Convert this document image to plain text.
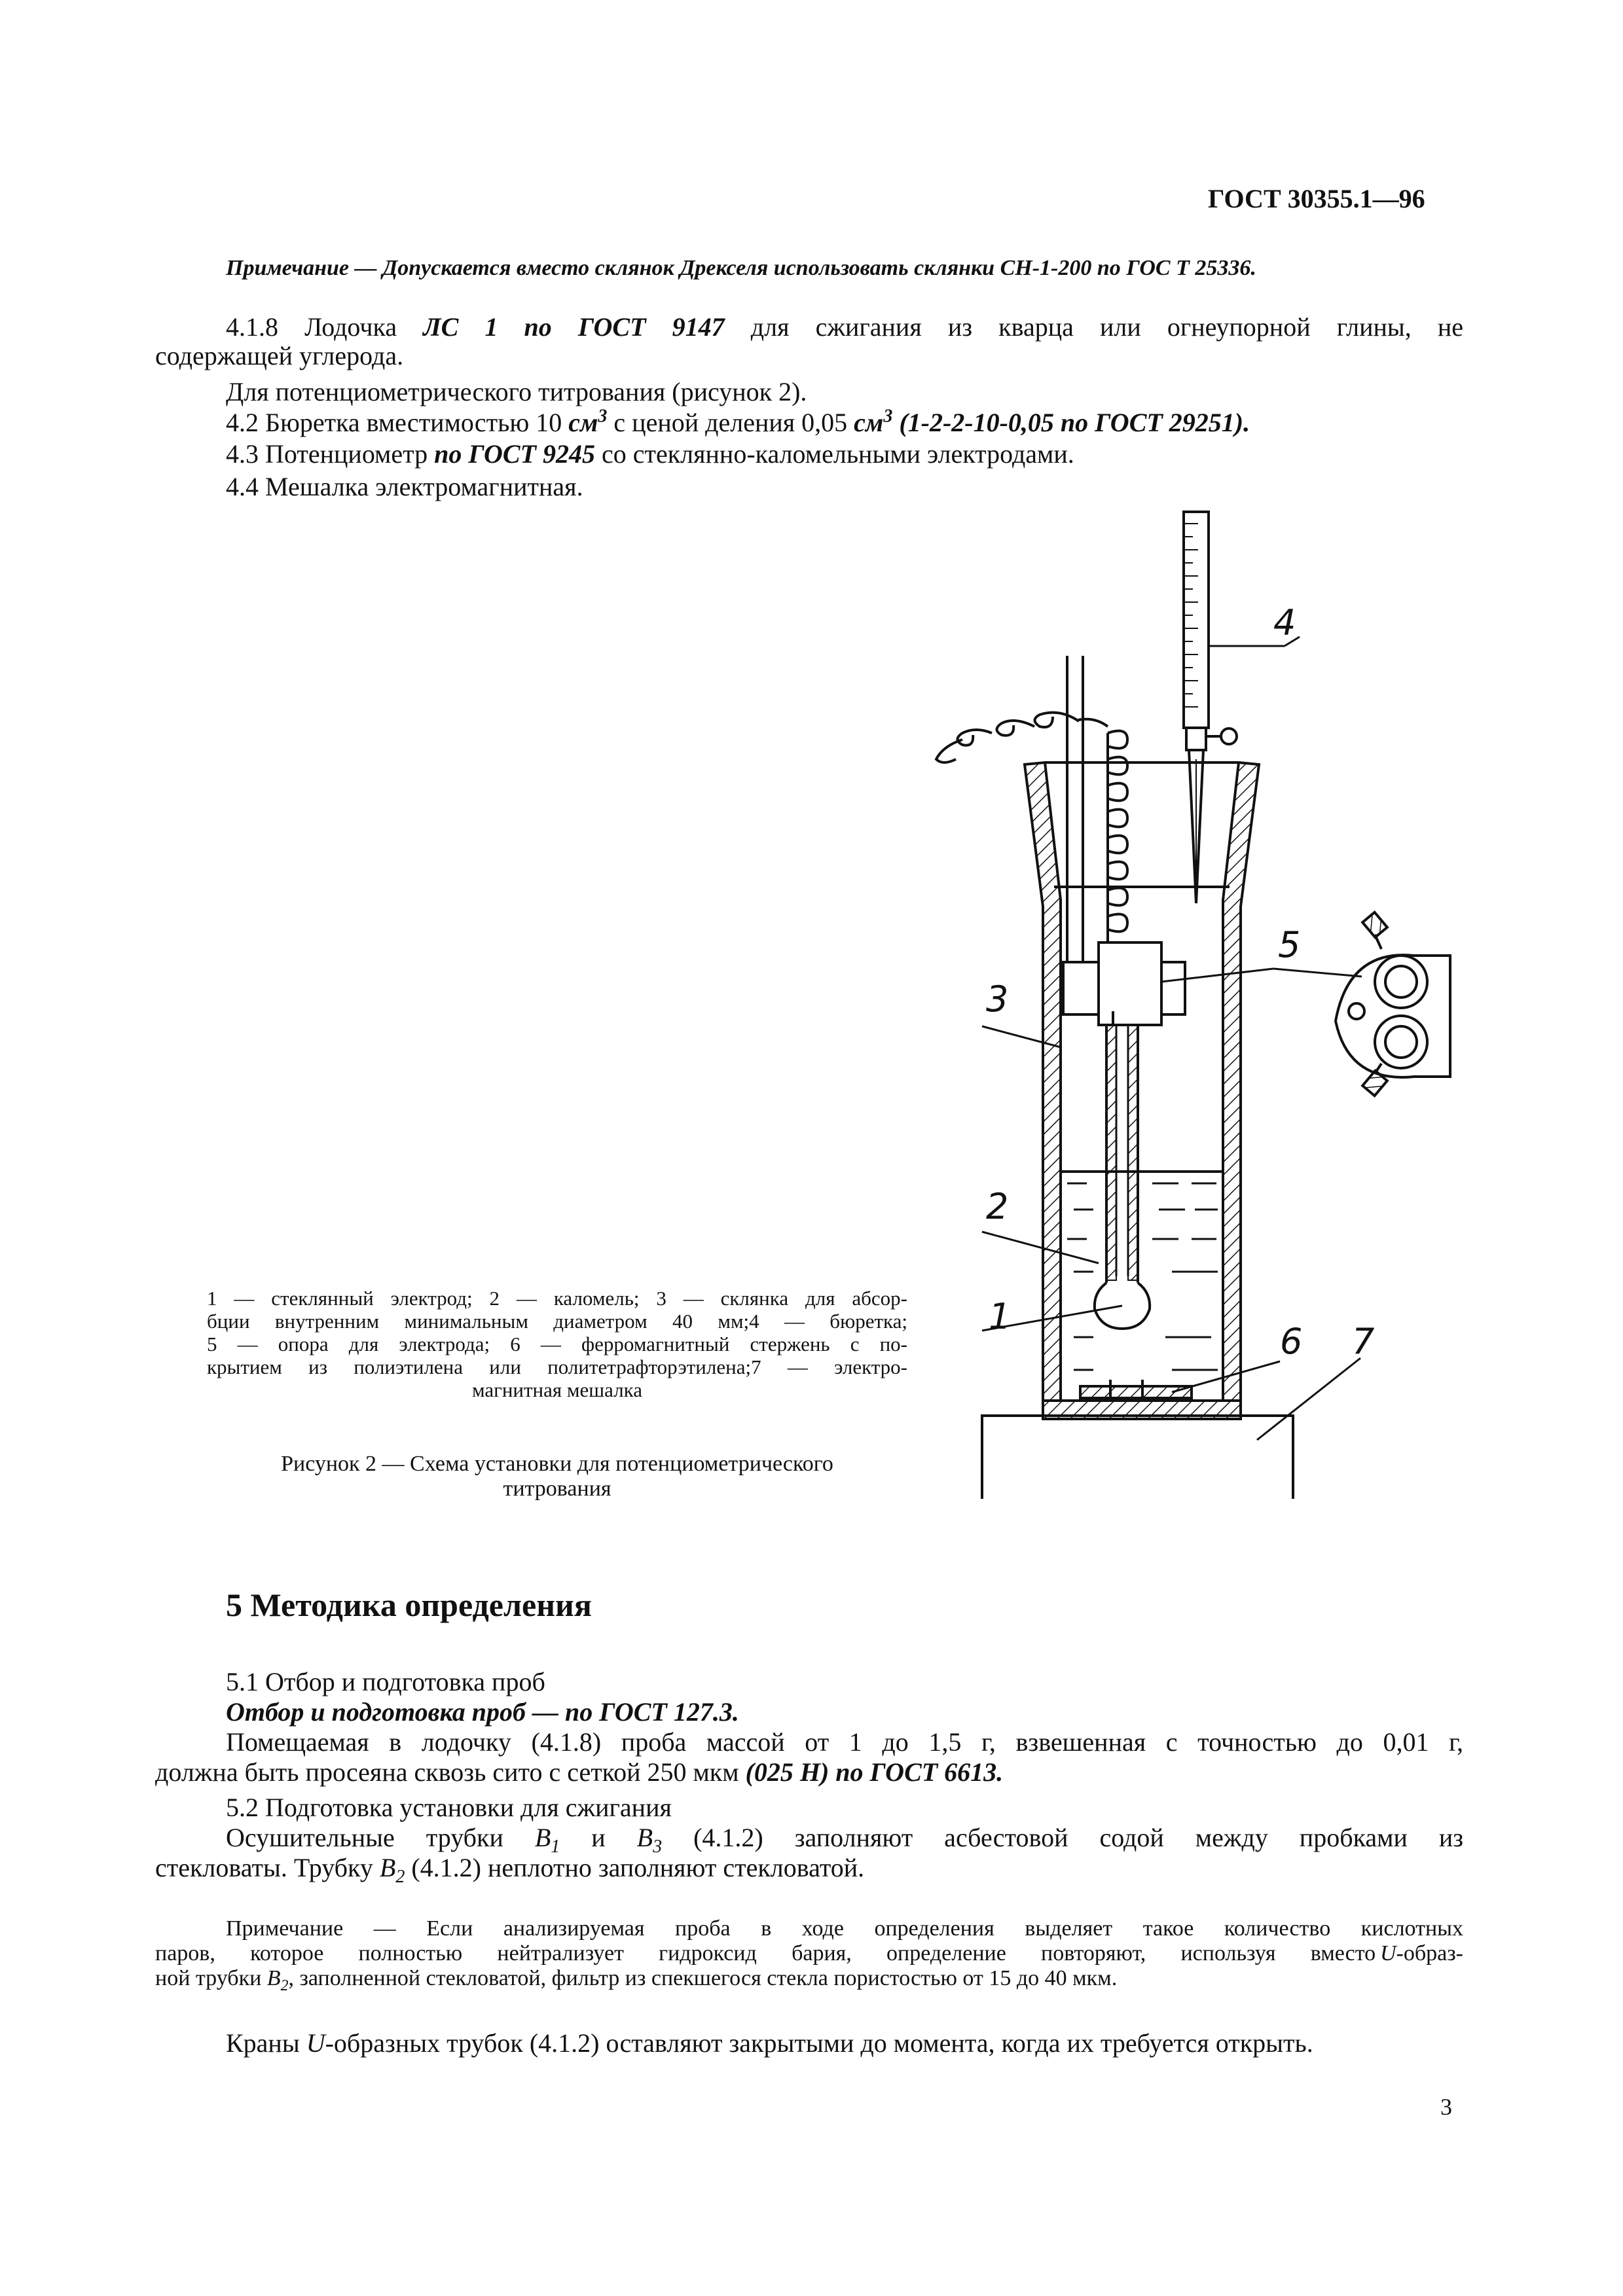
ГОСТ 30355.1—96
Примечание — Допускается вместо склянок Дрекселя использовать склянки СН-1-200 по ГОС Т 25336.
4.1.8 Лодочка ЛС 1 по ГОСТ 9147 для сжигания из кварца или огнеупорной глины, не
содержащей углерода.
Для потенциометрического титрования (рисунок 2).
4.2 Бюретка вместимостью 10 $см^3$ с ценой деления 0,05 $см^3$ (1-2-2-10-0,05 по ГОСТ 29251).
4.3 Потенциометр по ГОСТ 9245 со стеклянно-каломельными электродами.
4.4 Мешалка электромагнитная.
4
5
3
2
1
6 7
1 — стеклянный электрод; 2 — каломель; 3 — склянка для абсор-
бции внутренним минимальным диаметром 40 мм;4 — бюретка;
5 — опора для электрода; 6 — ферромагнитный стержень с по-
крытием из полиэтилена или политетрафторэтилена;7 — электро-
магнитная мешалка
Рисунок 2 — Схема установки для потенциометрического
титрования
5 Методика определения
5.1 Отбор и подготовка проб
Отбор и подготовка проб — по ГОСТ 127.3.
Помещаемая в лодочку (4.1.8) проба массой от 1 до 1,5 г, взвешенная с точностью до 0,01 г,
должна быть просеяна сквозь сито с сеткой 250 мкм (025 Н) по ГОСТ 6613.
5.2 Подготовка установки для сжигания
Осушительные трубки $B_1$ и $B_3$ (4.1.2) заполняют асбестовой содой между пробками из
стекловаты. Трубку $B_2$ (4.1.2) неплотно заполняют стекловатой.
Примечание — Если анализируемая проба в ходе определения выделяет такое количество кислотных
паров, которое полностью нейтрализует гидроксид бария, определение повторяют, используя вместо  U-образ-
ной трубки $B_2$, заполненной стекловатой, фильтр из спекшегося стекла пористостью от 15 до 40 мкм.
Краны U-образных трубок (4.1.2) оставляют закрытыми до момента, когда их требуется открыть.
3
